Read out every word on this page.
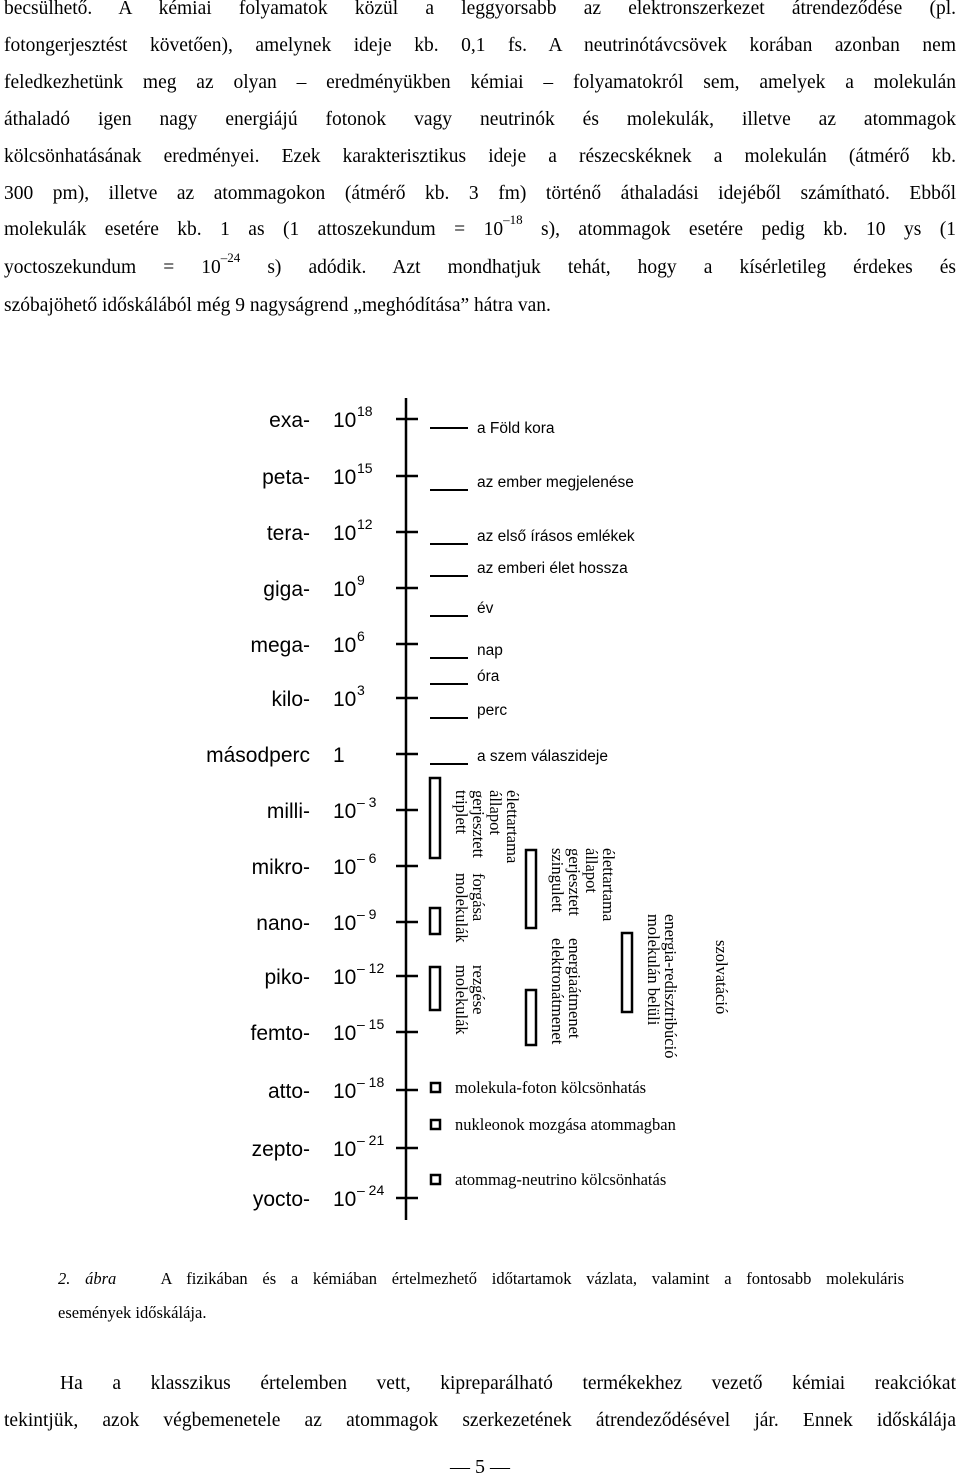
becsülhető. A kémiai folyamatok közül a leggyorsabb az elektronszerkezet átrendeződése (pl.
fotongerjesztést követően), amelynek ideje kb. 0,1 fs. A neutrinótávcsövek korában azonban nem
feledkezhetünk meg az olyan – eredményükben kémiai – folyamatokról sem, amelyek a molekulán
áthaladó igen nagy energiájú fotonok vagy neutrinók és molekulák, illetve az atommagok
kölcsönhatásának eredményei. Ezek karakterisztikus ideje a részecskéknek a molekulán (átmérő kb.
300 pm), illetve az atommagokon (átmérő kb. 3 fm) történő áthaladási idejéből számítható. Ebből
molekulák esetére kb. 1 as (1 attoszekundum = $10^{-18}$ s), atommagok esetére pedig kb. 10 ys (1
yoctoszekundum = $10^{-24}$ s) adódik. Azt mondhatjuk tehát, hogy a kísérletileg érdekes és
szóbajöhető időskálából még 9 nagyságrend „meghódítása” hátra van.
exa- 10 18
peta- 10 15
tera- 10 12
giga- 10 9
mega- 10 6
kilo- 10 3
másodperc 1
milli- 10 – 3
mikro- 10 – 6
nano- 10 – 9
piko- 10 – 12
femto- 10 – 15
atto- 10 – 18
zepto- 10 – 21
yocto- 10 – 24
a Föld kora
az ember megjelenése
az első írásos emlékek
az emberi élet hossza
év
nap
óra
perc
a szem válaszideje
triplett
gerjesztett
állapot
élettartama
molekulák
forgása
molekulák
rezgése
szingulett
gerjesztett
állapot
élettartama
elektronátmenet
energiaátmenet	molekulán belüli
energia-redisztribúció szolvatáció
molekula-foton kölcsönhatás
nukleonok mozgása atommagban
atommag-neutrino kölcsönhatás
2. ábra	A fizikában és a kémiában értelmezhető időtartamok vázlata, valamint a fontosabb molekuláris
események időskálája.
Ha a klasszikus értelemben vett, kipreparálható termékekhez vezető kémiai reakciókat
tekintjük, azok végbemenetele az atommagok szerkezetének átrendeződésével jár. Ennek időskálája
— 5 —
